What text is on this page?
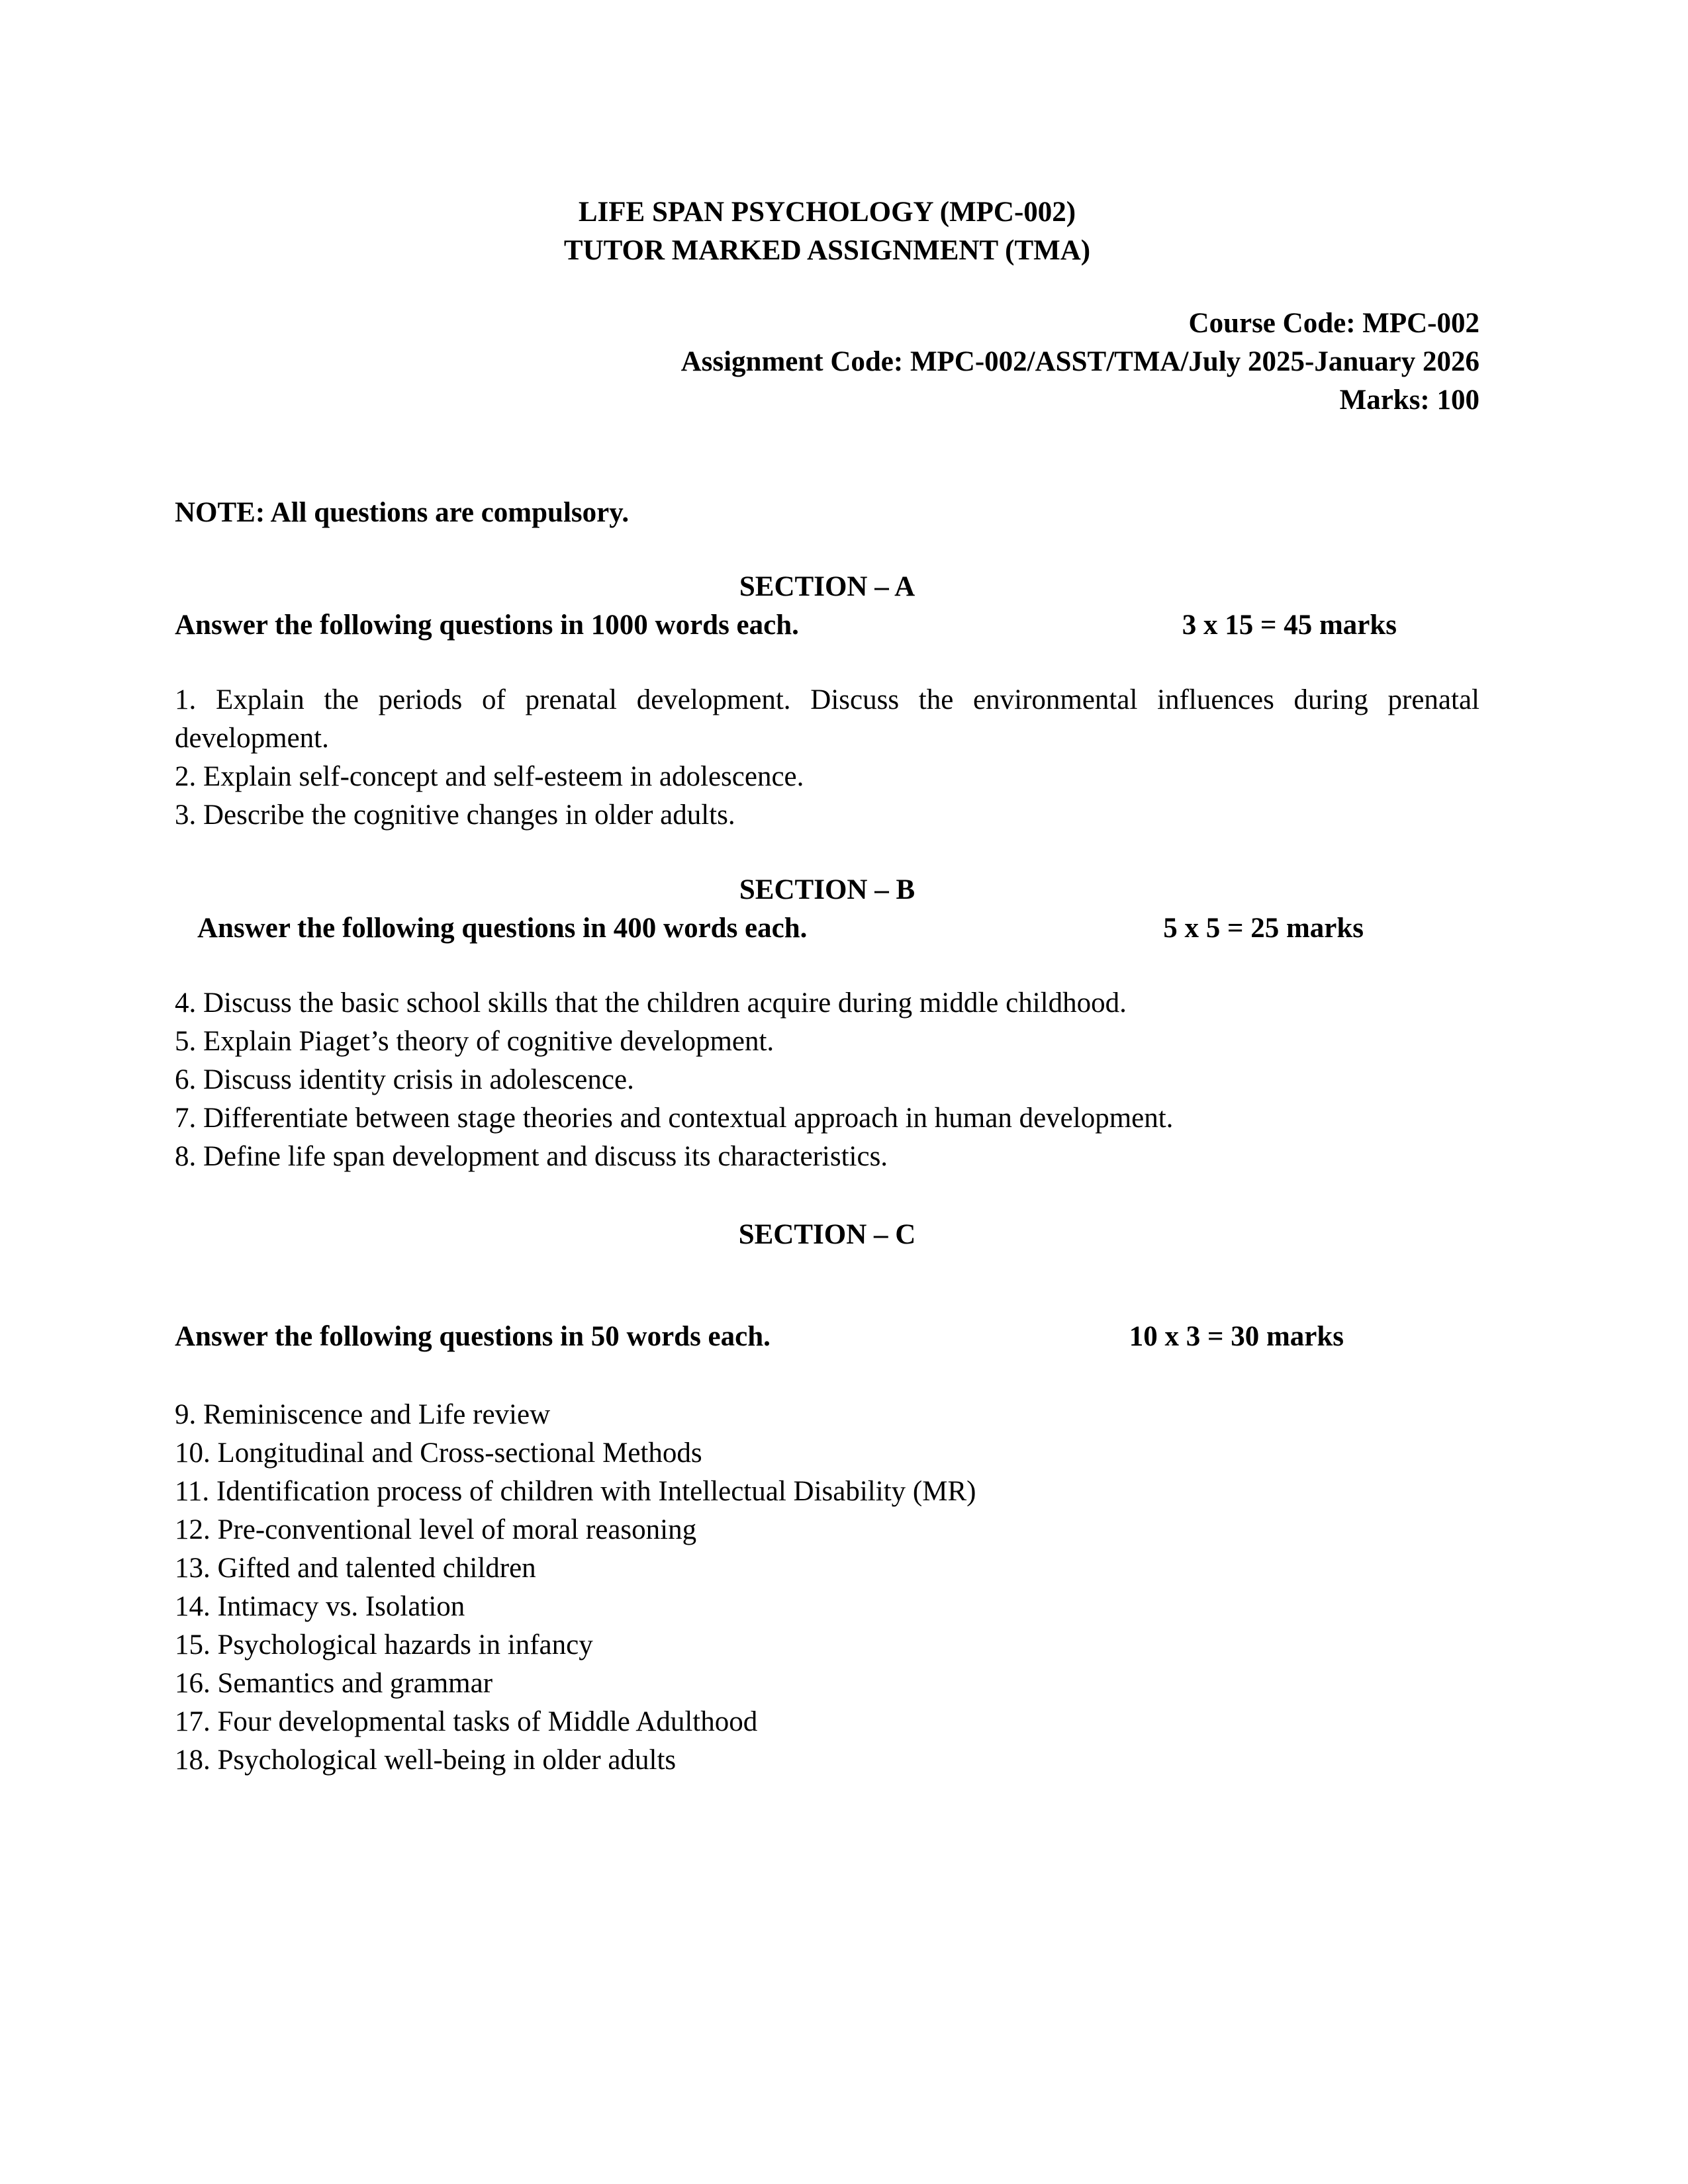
LIFE SPAN PSYCHOLOGY (MPC-002)

TUTOR MARKED ASSIGNMENT (TMA)

Course Code: MPC-002

Assignment Code: MPC-002/ASST/TMA/July 2025-January 2026

Marks: 100

NOTE: All questions are compulsory.

SECTION – A

Answer the following questions in 1000 words each.	3 x 15 = 45 marks

1. Explain the periods of prenatal development. Discuss the environmental influences during prenatal development.

2. Explain self-concept and self-esteem in adolescence.

3. Describe the cognitive changes in older adults.

SECTION – B

Answer the following questions in 400 words each.	5 x 5 = 25 marks

4. Discuss the basic school skills that the children acquire during middle childhood.

5. Explain Piaget’s theory of cognitive development.

6. Discuss identity crisis in adolescence.

7. Differentiate between stage theories and contextual approach in human development.

8. Define life span development and discuss its characteristics.

SECTION – C

Answer the following questions in 50 words each.	10 x 3 = 30 marks

9. Reminiscence and Life review

10. Longitudinal and Cross-sectional Methods

11. Identification process of children with Intellectual Disability (MR)

12. Pre-conventional level of moral reasoning

13. Gifted and talented children

14. Intimacy vs. Isolation

15. Psychological hazards in infancy

16. Semantics and grammar

17. Four developmental tasks of Middle Adulthood

18. Psychological well-being in older adults
